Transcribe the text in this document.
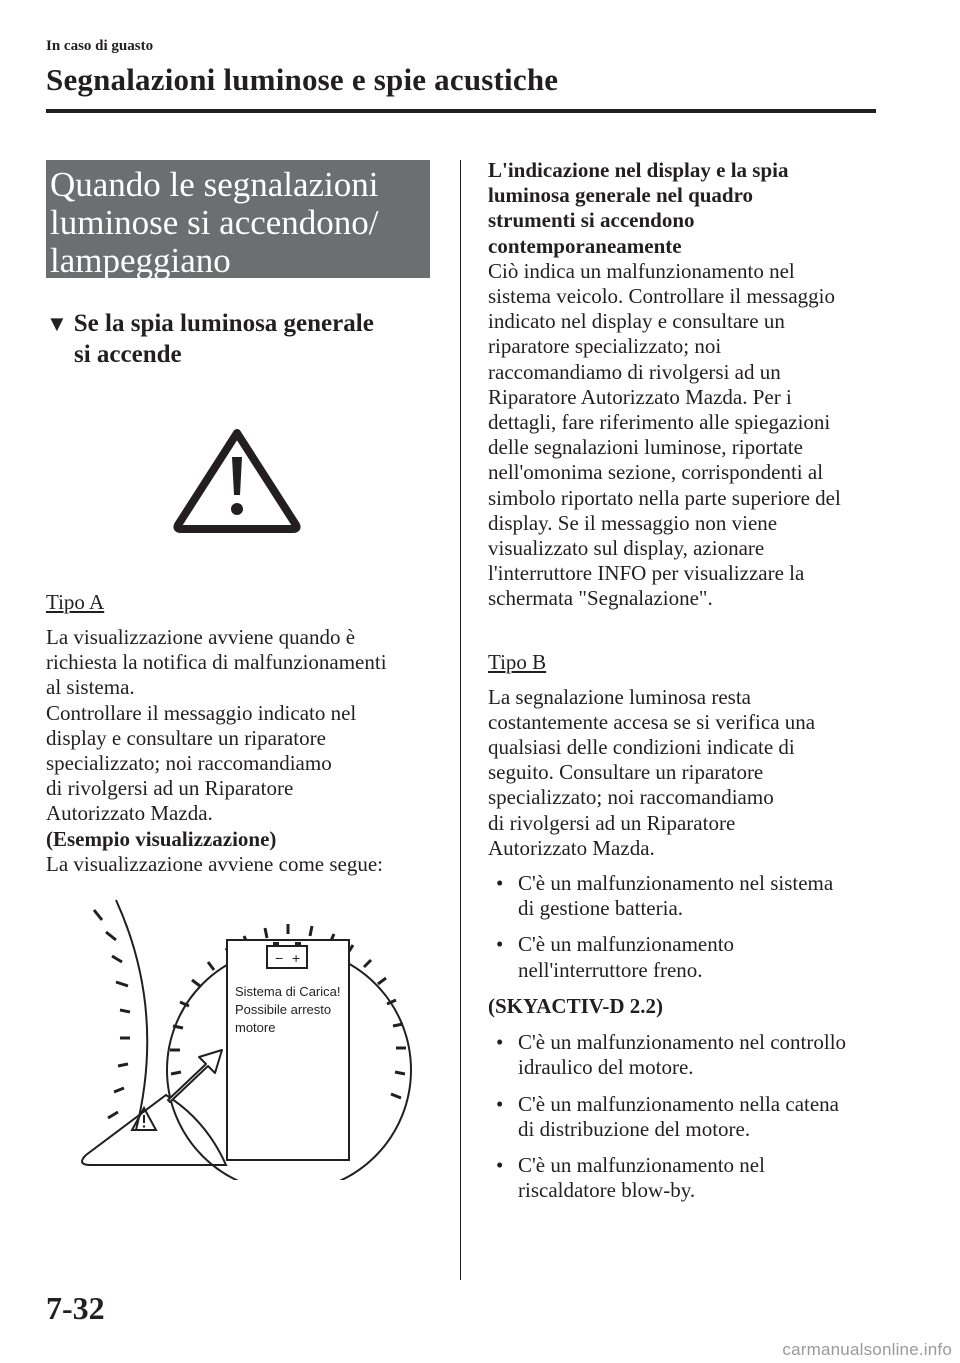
In caso di guasto
Segnalazioni luminose e spie acustiche
Quando le segnalazioni
luminose si accendono/
lampeggiano
▼ Se la spia luminosa generale
si accende
Tipo A
La visualizzazione avviene quando è
richiesta la notifica di malfunzionamenti
al sistema.
Controllare il messaggio indicato nel
display e consultare un riparatore
specializzato; noi raccomandiamo
di rivolgersi ad un Riparatore
Autorizzato Mazda.
(Esempio visualizzazione)
La visualizzazione avviene come segue:
− +
Sistema di Carica!
Possibile arresto
motore
L'indicazione nel display e la spia
luminosa generale nel quadro
strumenti si accendono
contemporaneamente
Ciò indica un malfunzionamento nel
sistema veicolo. Controllare il messaggio
indicato nel display e consultare un
riparatore specializzato; noi
raccomandiamo di rivolgersi ad un
Riparatore Autorizzato Mazda. Per i
dettagli, fare riferimento alle spiegazioni
delle segnalazioni luminose, riportate
nell'omonima sezione, corrispondenti al
simbolo riportato nella parte superiore del
display. Se il messaggio non viene
visualizzato sul display, azionare
l'interruttore INFO per visualizzare la
schermata "Segnalazione".
Tipo B
La segnalazione luminosa resta
costantemente accesa se si verifica una
qualsiasi delle condizioni indicate di
seguito. Consultare un riparatore
specializzato; noi raccomandiamo
di rivolgersi ad un Riparatore
Autorizzato Mazda.
• C'è un malfunzionamento nel sistema
di gestione batteria.
• C'è un malfunzionamento
nell'interruttore freno.
(SKYACTIV-D 2.2)
• C'è un malfunzionamento nel controllo
idraulico del motore.
• C'è un malfunzionamento nella catena
di distribuzione del motore.
• C'è un malfunzionamento nel
riscaldatore blow-by.
7-32
carmanualsonline.info
